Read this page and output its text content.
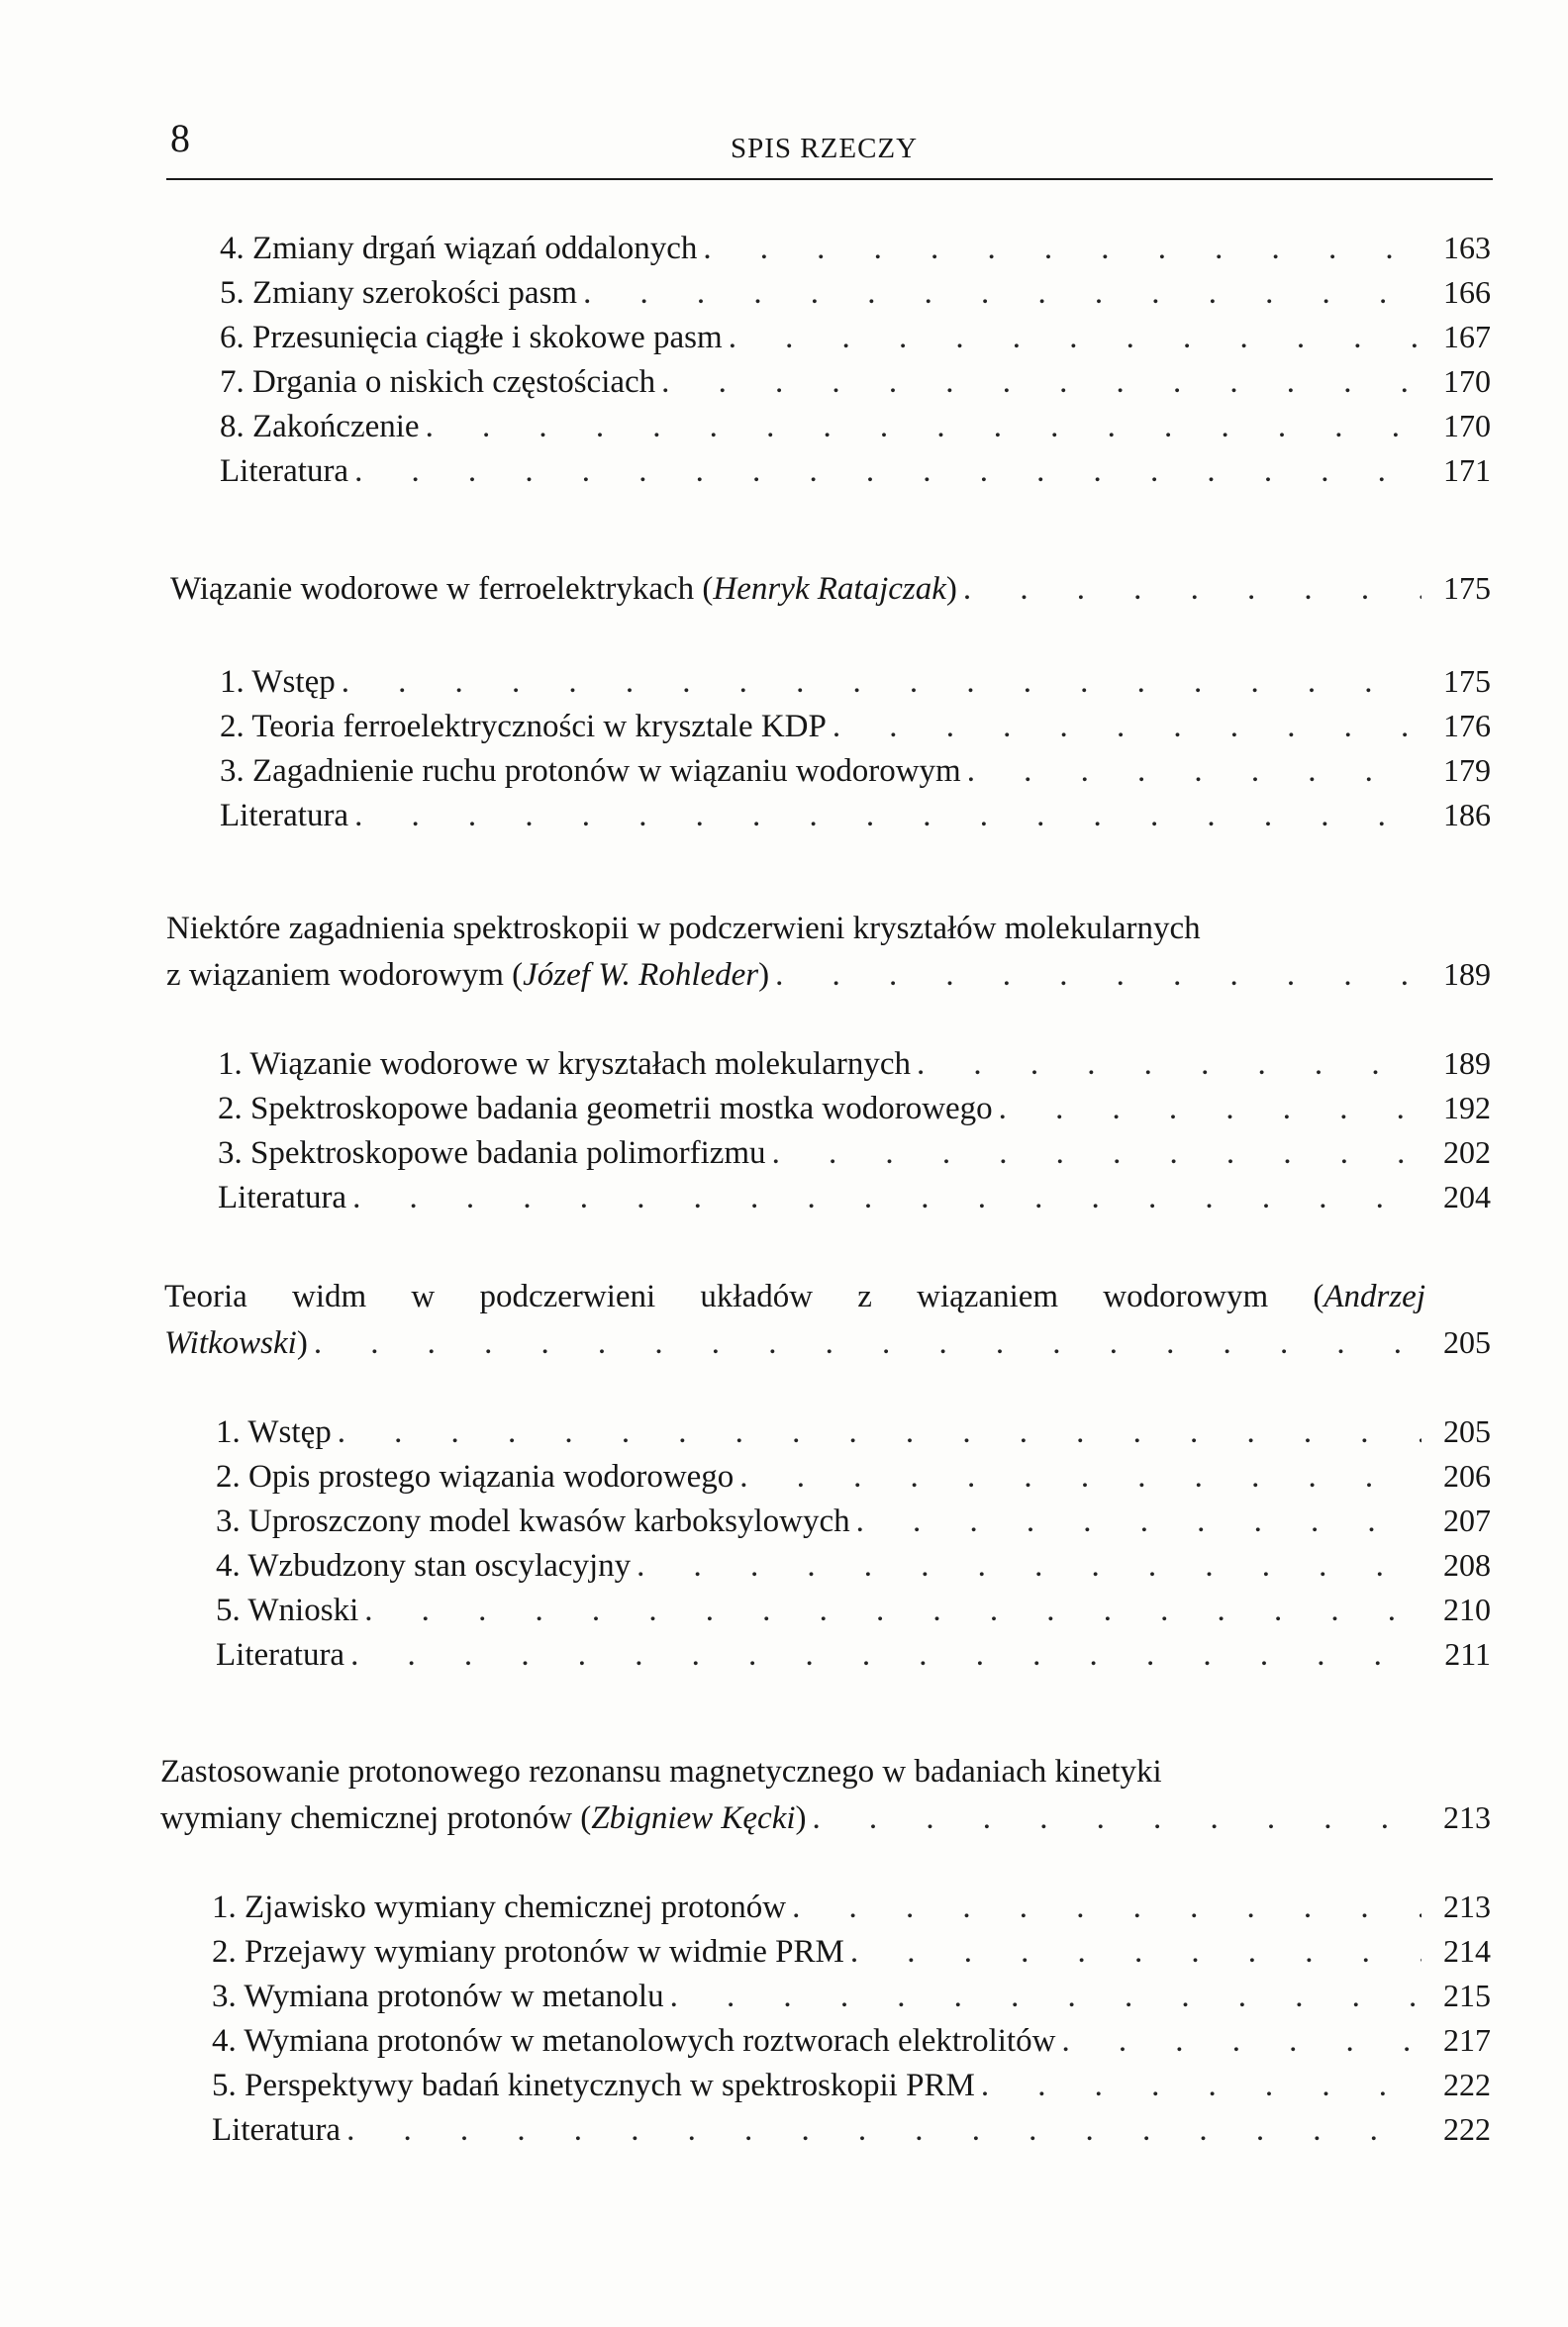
8	SPIS RZECZY
4. Zmiany drgań wiązań oddalonych . . .	163
5. Zmiany szerokości pasm . . .	166
6. Przesunięcia ciągłe i skokowe pasm . . .	167
7. Drgania o niskich częstościach . . .	170
8. Zakończenie . . .	170
Literatura . . .	171
Wiązanie wodorowe w ferroelektrykach (Henryk Ratajczak) . . .	175
1. Wstęp . . .	175
2. Teoria ferroelektryczności w krysztale KDP . . .	176
3. Zagadnienie ruchu protonów w wiązaniu wodorowym . . .	179
Literatura . . .	186
Niektóre zagadnienia spektroskopii w podczerwieni kryształów molekularnych
z wiązaniem wodorowym (Józef W. Rohleder) . . .	189
1. Wiązanie wodorowe w kryształach molekularnych . . .	189
2. Spektroskopowe badania geometrii mostka wodorowego . . .	192
3. Spektroskopowe badania polimorfizmu . . .	202
Literatura . . .	204
Teoria widm w podczerwieni układów z wiązaniem wodorowym (Andrzej
Witkowski) . . .	205
1. Wstęp . . .	205
2. Opis prostego wiązania wodorowego . . .	206
3. Uproszczony model kwasów karboksylowych . . .	207
4. Wzbudzony stan oscylacyjny . . .	208
5. Wnioski . . .	210
Literatura . . .	211
Zastosowanie protonowego rezonansu magnetycznego w badaniach kinetyki
wymiany chemicznej protonów (Zbigniew Kęcki) . . .	213
1. Zjawisko wymiany chemicznej protonów . . .	213
2. Przejawy wymiany protonów w widmie PRM . . .	214
3. Wymiana protonów w metanolu . . .	215
4. Wymiana protonów w metanolowych roztworach elektrolitów . . .	217
5. Perspektywy badań kinetycznych w spektroskopii PRM . . .	222
Literatura . . .	222
